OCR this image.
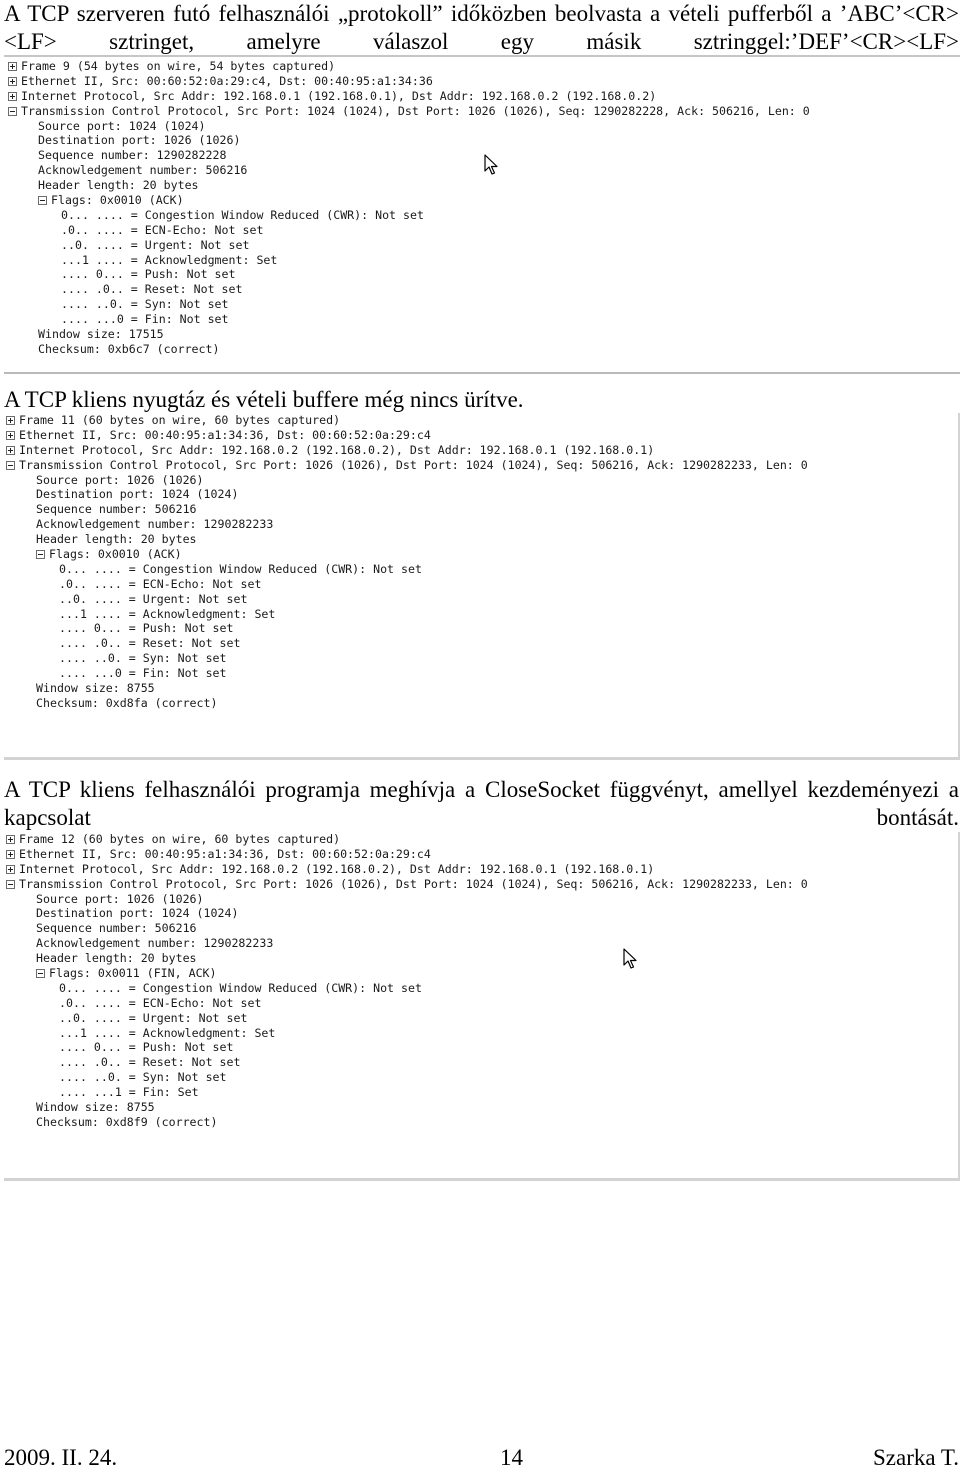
A TCP szerveren futó felhasználói „protokoll” időközben beolvasta a vételi pufferből a ’ABC’<CR><LF> sztringet, amelyre válaszol egy másik sztringgel:’DEF’<CR><LF>

Frame 9 (54 bytes on wire, 54 bytes captured)
Ethernet II, Src: 00:60:52:0a:29:c4, Dst: 00:40:95:a1:34:36
Internet Protocol, Src Addr: 192.168.0.1 (192.168.0.1), Dst Addr: 192.168.0.2 (192.168.0.2)
Transmission Control Protocol, Src Port: 1024 (1024), Dst Port: 1026 (1026), Seq: 1290282228, Ack: 506216, Len: 0
Source port: 1024 (1024)
Destination port: 1026 (1026)
Sequence number: 1290282228
Acknowledgement number: 506216
Header length: 20 bytes
Flags: 0x0010 (ACK)
0... .... = Congestion Window Reduced (CWR): Not set
.0.. .... = ECN-Echo: Not set
..0. .... = Urgent: Not set
...1 .... = Acknowledgment: Set
.... 0... = Push: Not set
.... .0.. = Reset: Not set
.... ..0. = Syn: Not set
.... ...0 = Fin: Not set
Window size: 17515
Checksum: 0xb6c7 (correct)

A TCP kliens nyugtáz és vételi buffere még nincs ürítve.

Frame 11 (60 bytes on wire, 60 bytes captured)
Ethernet II, Src: 00:40:95:a1:34:36, Dst: 00:60:52:0a:29:c4
Internet Protocol, Src Addr: 192.168.0.2 (192.168.0.2), Dst Addr: 192.168.0.1 (192.168.0.1)
Transmission Control Protocol, Src Port: 1026 (1026), Dst Port: 1024 (1024), Seq: 506216, Ack: 1290282233, Len: 0
Source port: 1026 (1026)
Destination port: 1024 (1024)
Sequence number: 506216
Acknowledgement number: 1290282233
Header length: 20 bytes
Flags: 0x0010 (ACK)
0... .... = Congestion Window Reduced (CWR): Not set
.0.. .... = ECN-Echo: Not set
..0. .... = Urgent: Not set
...1 .... = Acknowledgment: Set
.... 0... = Push: Not set
.... .0.. = Reset: Not set
.... ..0. = Syn: Not set
.... ...0 = Fin: Not set
Window size: 8755
Checksum: 0xd8fa (correct)

A TCP kliens felhasználói programja meghívja a CloseSocket függvényt, amellyel kezdeményezi a kapcsolat bontását.

Frame 12 (60 bytes on wire, 60 bytes captured)
Ethernet II, Src: 00:40:95:a1:34:36, Dst: 00:60:52:0a:29:c4
Internet Protocol, Src Addr: 192.168.0.2 (192.168.0.2), Dst Addr: 192.168.0.1 (192.168.0.1)
Transmission Control Protocol, Src Port: 1026 (1026), Dst Port: 1024 (1024), Seq: 506216, Ack: 1290282233, Len: 0
Source port: 1026 (1026)
Destination port: 1024 (1024)
Sequence number: 506216
Acknowledgement number: 1290282233
Header length: 20 bytes
Flags: 0x0011 (FIN, ACK)
0... .... = Congestion Window Reduced (CWR): Not set
.0.. .... = ECN-Echo: Not set
..0. .... = Urgent: Not set
...1 .... = Acknowledgment: Set
.... 0... = Push: Not set
.... .0.. = Reset: Not set
.... ..0. = Syn: Not set
.... ...1 = Fin: Set
Window size: 8755
Checksum: 0xd8f9 (correct)
2009. II. 24.	14	Szarka T.
